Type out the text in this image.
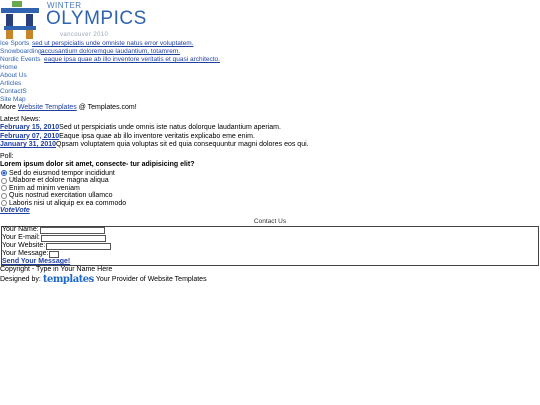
WINTER
OLYMPICS
vancouver 2010
Ice Sports sed ut perspiciatis unde omniste natus error voluptatem.
Snowboarding accusantium doloremque laudantium, totamrem.
Nordic Events eaque ipsa quae ab illo inventore veritatis et quasi architecto.
Home
About Us
Articles
ContactS
Site Map
More Website Templates @ Templates.com!
Latest News:
February 15, 2010Sed ut perspiciatis unde omnis iste natus dolorque laudantium aperiam.
February 07, 2010Eaque ipsa quae ab illo inventore veritatis explicabo eme enim.
January 31, 2010Qpsam voluptatem quia voluptas sit ed quia consequuntur magni dolores eos qui.
Poll:
Lorem ipsum dolor sit amet, consecte- tur adipisicing elit?
Sed do eiusmod tempor incididunt
Utlabore et dolore magna aliqua
Enim ad minim veniam
Quis nostrud exercitation ullamco
Laboris nisi ut aliquip ex ea commodo
VoteVote
Contact Us
Your Name:
Your E-mail:
Your Website:
Your Message:
Send Your Message!
Copyright - Type in Your Name Here
Designed by: templates Your Provider of Website Templates
